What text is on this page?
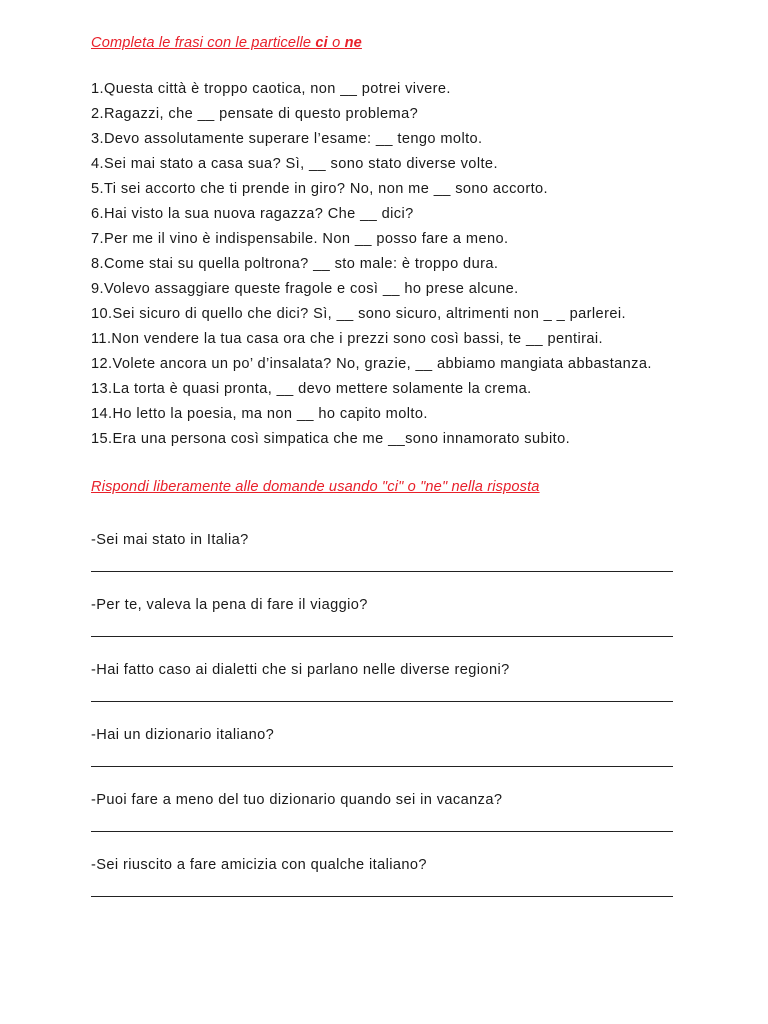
Completa le frasi con le particelle ci o ne

1.Questa città è troppo caotica, non __ potrei vivere.
2.Ragazzi, che __ pensate di questo problema?
3.Devo assolutamente superare l’esame: __ tengo molto.
4.Sei mai stato a casa sua? Sì, __ sono stato diverse volte.
5.Ti sei accorto che ti prende in giro? No, non me __ sono accorto.
6.Hai visto la sua nuova ragazza? Che __ dici?
7.Per me il vino è indispensabile. Non __ posso fare a meno.
8.Come stai su quella poltrona? __ sto male: è troppo dura.
9.Volevo assaggiare queste fragole e così __ ho prese alcune.
10.Sei sicuro di quello che dici? Sì, __ sono sicuro, altrimenti non _ _ parlerei.
11.Non vendere la tua casa ora che i prezzi sono così bassi, te __ pentirai.
12.Volete ancora un po’ d’insalata? No, grazie, __ abbiamo mangiata abbastanza.
13.La torta è quasi pronta, __ devo mettere solamente la crema.
14.Ho letto la poesia, ma non __ ho capito molto.
15.Era una persona così simpatica che me __sono innamorato subito.

Rispondi liberamente alle domande usando "ci" o "ne" nella risposta

-Sei mai stato in Italia?

-Per te, valeva la pena di fare il viaggio?

-Hai fatto caso ai dialetti che si parlano nelle diverse regioni?

-Hai un dizionario italiano?

-Puoi fare a meno del tuo dizionario quando sei in vacanza?

-Sei riuscito a fare amicizia con qualche italiano?
